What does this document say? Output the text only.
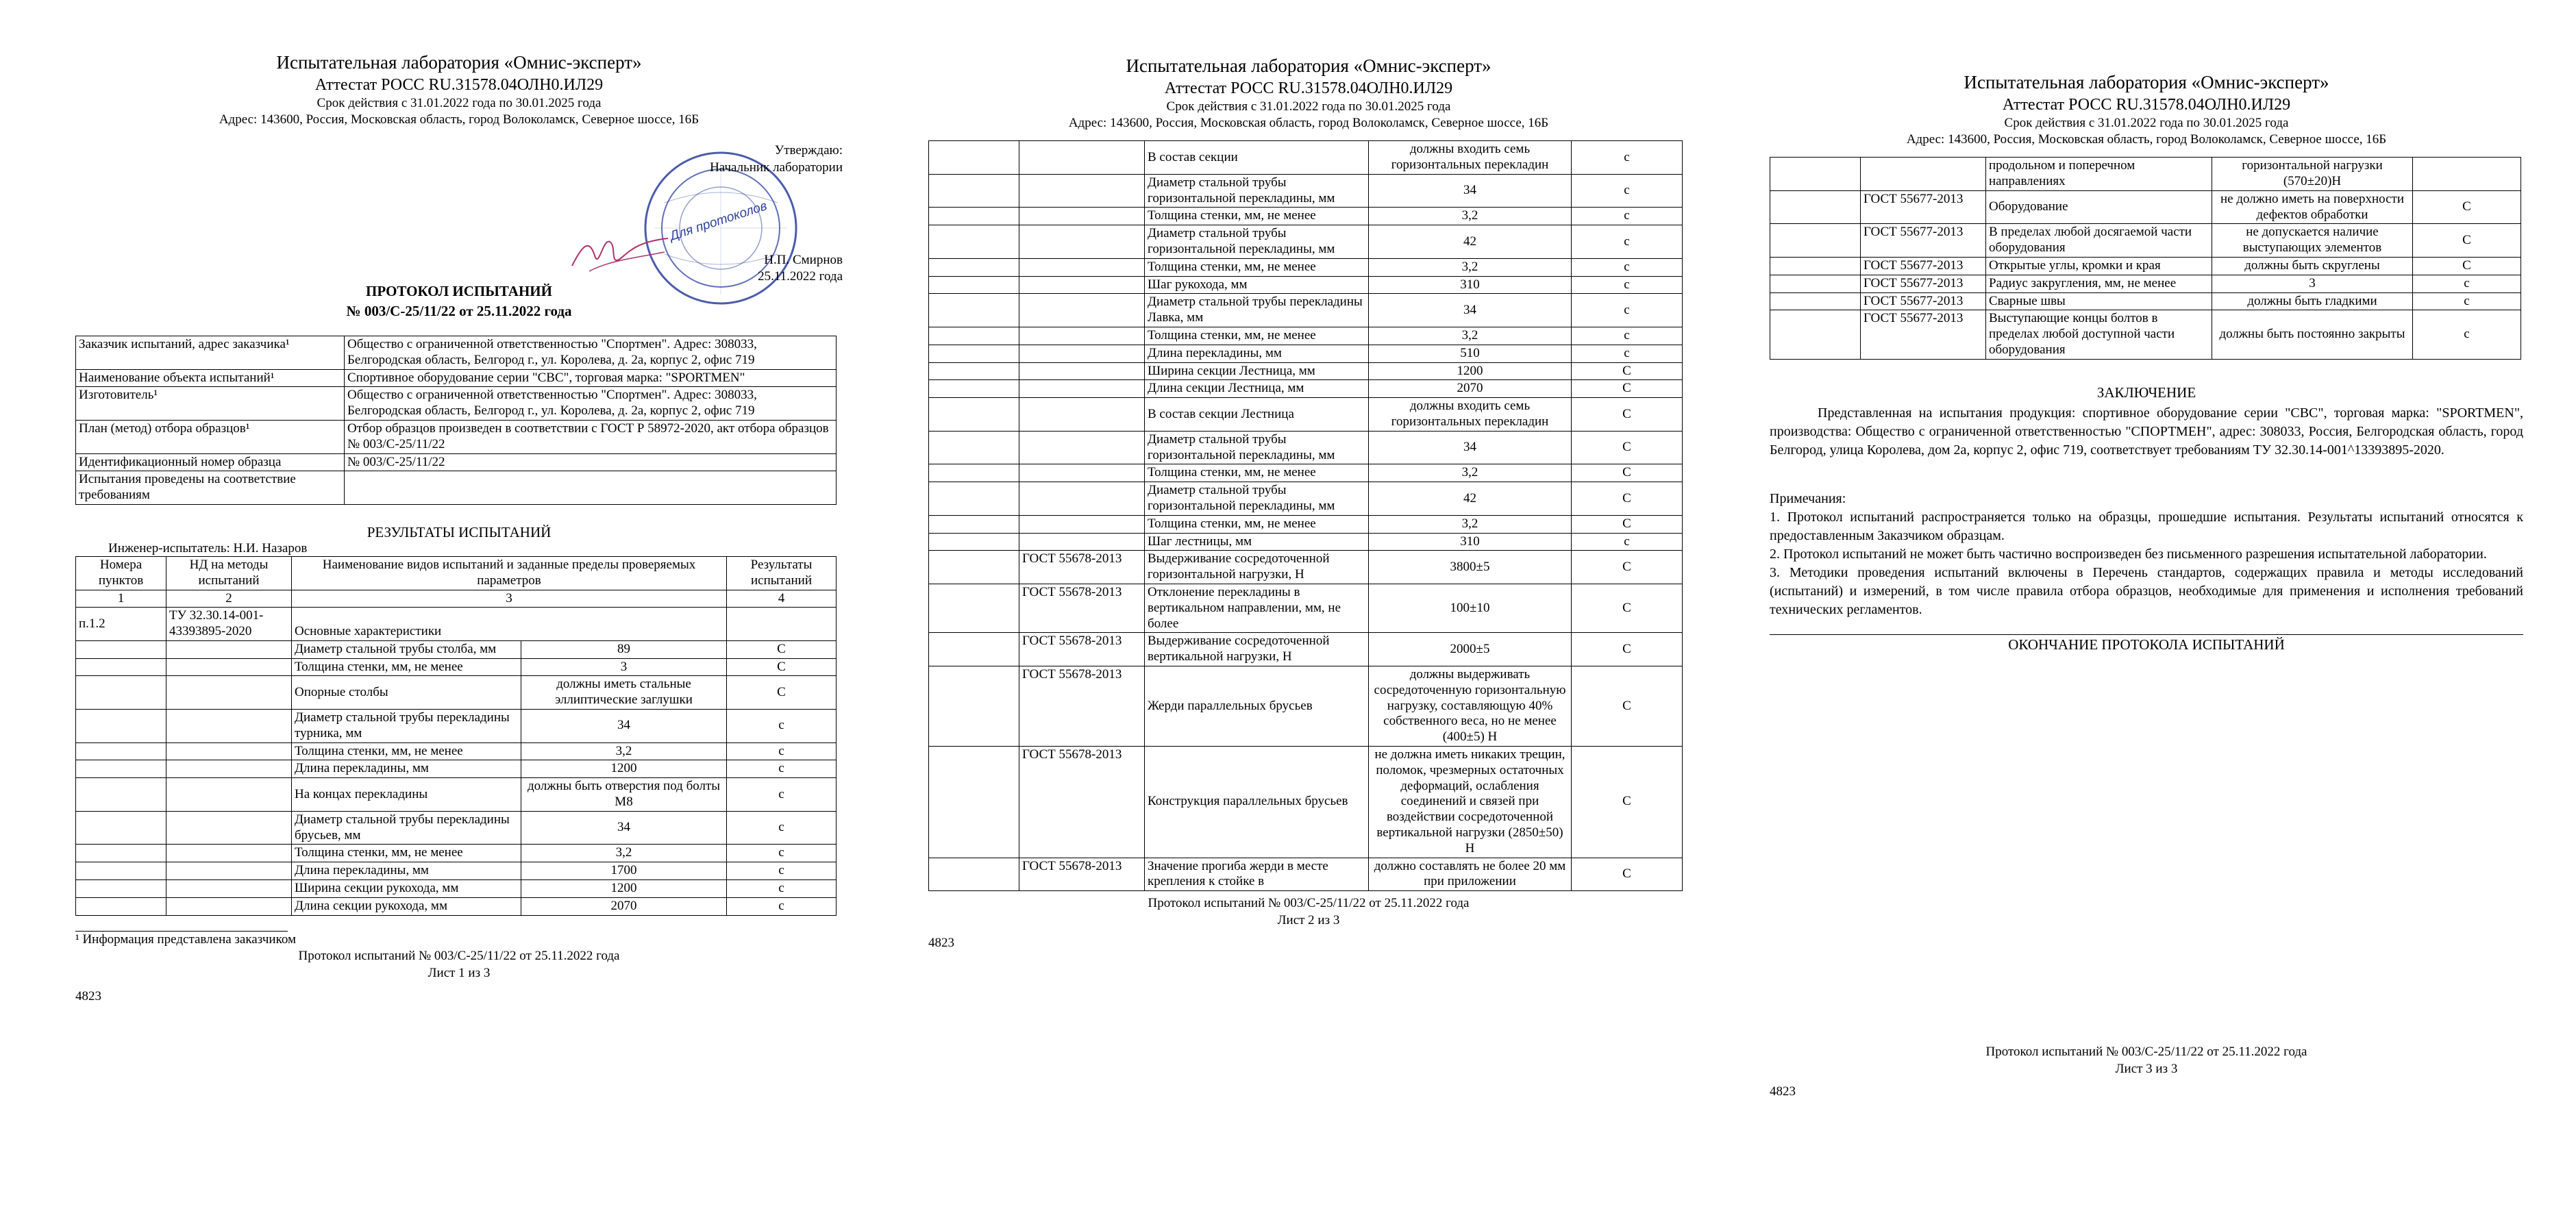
Испытательная лаборатория «Омнис-эксперт»
Аттестат РОСС RU.31578.04ОЛН0.ИЛ29
Срок действия с 31.01.2022 года по 30.01.2025 года
Адрес: 143600, Россия, Московская область, город Волоколамск, Северное шоссе, 16Б
Для протоколов
Утверждаю:
Начальник лаборатории
Н.П. Смирнов
25.11.2022 года
ПРОТОКОЛ ИСПЫТАНИЙ
№ 003/С-25/11/22 от 25.11.2022 года
Заказчик испытаний, адрес заказчика¹	Общество с ограниченной ответственностью "Спортмен". Адрес: 308033, Белгородская область, Белгород г., ул. Королева, д. 2а, корпус 2, офис 719
Наименование объекта испытаний¹	Спортивное оборудование серии "СВС", торговая марка: "SPORTMEN"
Изготовитель¹	Общество с ограниченной ответственностью "Спортмен". Адрес: 308033, Белгородская область, Белгород г., ул. Королева, д. 2а, корпус 2, офис 719
План (метод) отбора образцов¹	Отбор образцов произведен в соответствии с ГОСТ Р 58972-2020, акт отбора образцов № 003/С-25/11/22
Идентификационный номер образца	№ 003/С-25/11/22
Испытания проведены на соответствие требованиям	
РЕЗУЛЬТАТЫ ИСПЫТАНИЙ
Инженер-испытатель: Н.И. Назаров
Номера пунктов	НД на методы испытаний	Наименование видов испытаний и заданные пределы проверяемых параметров		Результаты испытаний
1	2	3		4
п.1.2	ТУ 32.30.14-001-43393895-2020	Основные характеристики		
		Диаметр стальной трубы столба, мм	89	С
		Толщина стенки, мм, не менее	3	С
		Опорные столбы	должны иметь стальные эллиптические заглушки	С
		Диаметр стальной трубы перекладины турника, мм	34	с
		Толщина стенки, мм, не менее	3,2	с
		Длина перекладины, мм	1200	с
		На концах перекладины	должны быть отверстия под болты М8	с
		Диаметр стальной трубы перекладины брусьев, мм	34	с
		Толщина стенки, мм, не менее	3,2	с
		Длина перекладины, мм	1700	с
		Ширина секции рукохода, мм	1200	с
		Длина секции рукохода, мм	2070	с
¹ Информация представлена заказчиком
Протокол испытаний № 003/С-25/11/22 от 25.11.2022 года
Лист 1 из 3
4823
Испытательная лаборатория «Омнис-эксперт»
Аттестат РОСС RU.31578.04ОЛН0.ИЛ29
Срок действия с 31.01.2022 года по 30.01.2025 года
Адрес: 143600, Россия, Московская область, город Волоколамск, Северное шоссе, 16Б
		В состав секции	должны входить семь горизонтальных перекладин	с
		Диаметр стальной трубы горизонтальной перекладины, мм	34	с
		Толщина стенки, мм, не менее	3,2	с
		Диаметр стальной трубы горизонтальной перекладины, мм	42	с
		Толщина стенки, мм, не менее	3,2	с
		Шаг рукохода, мм	310	с
		Диаметр стальной трубы перекладины Лавка, мм	34	с
		Толщина стенки, мм, не менее	3,2	с
		Длина перекладины, мм	510	с
		Ширина секции Лестница, мм	1200	С
		Длина секции Лестница, мм	2070	С
		В состав секции Лестница	должны входить семь горизонтальных перекладин	С
		Диаметр стальной трубы горизонтальной перекладины, мм	34	С
		Толщина стенки, мм, не менее	3,2	С
		Диаметр стальной трубы горизонтальной перекладины, мм	42	С
		Толщина стенки, мм, не менее	3,2	С
		Шаг лестницы, мм	310	с
	ГОСТ 55678-2013	Выдерживание сосредоточенной горизонтальной нагрузки, Н	3800±5	С
	ГОСТ 55678-2013	Отклонение перекладины в вертикальном направлении, мм, не более	100±10	С
	ГОСТ 55678-2013	Выдерживание сосредоточенной вертикальной нагрузки, Н	2000±5	С
	ГОСТ 55678-2013	Жерди параллельных брусьев	должны выдерживать сосредоточенную горизонтальную нагрузку, составляющую 40% собственного веса, но не менее (400±5) Н	С
	ГОСТ 55678-2013	Конструкция параллельных брусьев	не должна иметь никаких трещин, поломок, чрезмерных остаточных деформаций, ослабления соединений и связей при воздействии сосредоточенной вертикальной нагрузки (2850±50) Н	С
	ГОСТ 55678-2013	Значение прогиба жерди в месте крепления к стойке в	должно составлять не более 20 мм при приложении	С
Протокол испытаний № 003/С-25/11/22 от 25.11.2022 года
Лист 2 из 3
4823
Испытательная лаборатория «Омнис-эксперт»
Аттестат РОСС RU.31578.04ОЛН0.ИЛ29
Срок действия с 31.01.2022 года по 30.01.2025 года
Адрес: 143600, Россия, Московская область, город Волоколамск, Северное шоссе, 16Б
		продольном и поперечном направлениях	горизонтальной нагрузки (570±20)Н	
	ГОСТ 55677-2013	Оборудование	не должно иметь на поверхности дефектов обработки	С
	ГОСТ 55677-2013	В пределах любой досягаемой части оборудования	не допускается наличие выступающих элементов	С
	ГОСТ 55677-2013	Открытые углы, кромки и края	должны быть скруглены	С
	ГОСТ 55677-2013	Радиус закругления, мм, не менее	3	с
	ГОСТ 55677-2013	Сварные швы	должны быть гладкими	с
	ГОСТ 55677-2013	Выступающие концы болтов в пределах любой доступной части оборудования	должны быть постоянно закрыты	с
ЗАКЛЮЧЕНИЕ

Представленная на испытания продукция: спортивное оборудование серии "СВС", торговая марка: "SPORTMEN", производства: Общество с ограниченной ответственностью "СПОРТМЕН", адрес: 308033, Россия, Белгородская область, город Белгород, улица Королева, дом 2а, корпус 2, офис 719, соответствует требованиям ТУ 32.30.14-001^13393895-2020.

Примечания:
1. Протокол испытаний распространяется только на образцы, прошедшие испытания. Результаты испытаний относятся к предоставленным Заказчиком образцам.
2. Протокол испытаний не может быть частично воспроизведен без письменного разрешения испытательной лаборатории.
3. Методики проведения испытаний включены в Перечень стандартов, содержащих правила и методы исследований (испытаний) и измерений, в том числе правила отбора образцов, необходимые для применения и исполнения требований технических регламентов.
ОКОНЧАНИЕ ПРОТОКОЛА ИСПЫТАНИЙ
Протокол испытаний № 003/С-25/11/22 от 25.11.2022 года
Лист 3 из 3
4823
